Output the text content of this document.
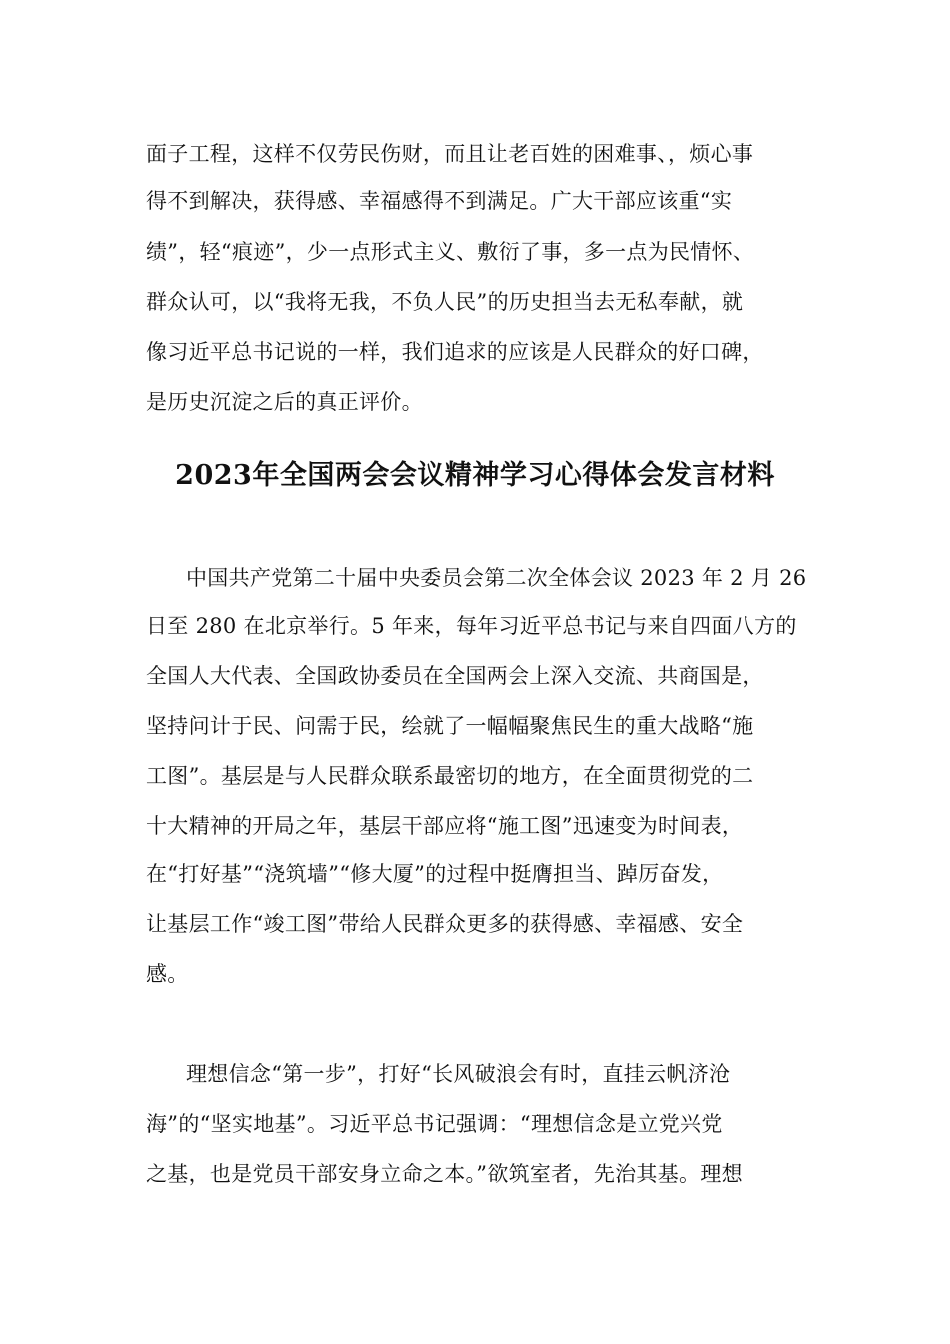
面子工程，这样不仅劳民伤财，而且让老百姓的困难事、，烦心事
得不到解决，获得感、幸福感得不到满足。广大干部应该重“实
绩”，轻“痕迹”，少一点形式主义、敷衍了事，多一点为民情怀、
群众认可，以“我将无我，不负人民”的历史担当去无私奉献，就
像习近平总书记说的一样，我们追求的应该是人民群众的好口碑，
是历史沉淀之后的真正评价。
2023年全国两会会议精神学习心得体会发言材料
中国共产党第二十届中央委员会第二次全体会议 2023 年 2 月 26
日至 280 在北京举行。5 年来，每年习近平总书记与来自四面八方的
全国人大代表、全国政协委员在全国两会上深入交流、共商国是，
坚持问计于民、问需于民，绘就了一幅幅聚焦民生的重大战略“施
工图”。基层是与人民群众联系最密切的地方，在全面贯彻党的二
十大精神的开局之年，基层干部应将“施工图”迅速变为时间表，
在“打好基”“浇筑墙”“修大厦”的过程中挺膺担当、踔厉奋发，
让基层工作“竣工图”带给人民群众更多的获得感、幸福感、安全
感。
理想信念“第一步”，打好“长风破浪会有时，直挂云帆济沧
海”的“坚实地基”。习近平总书记强调：“理想信念是立党兴党
之基，也是党员干部安身立命之本。”欲筑室者，先治其基。理想
